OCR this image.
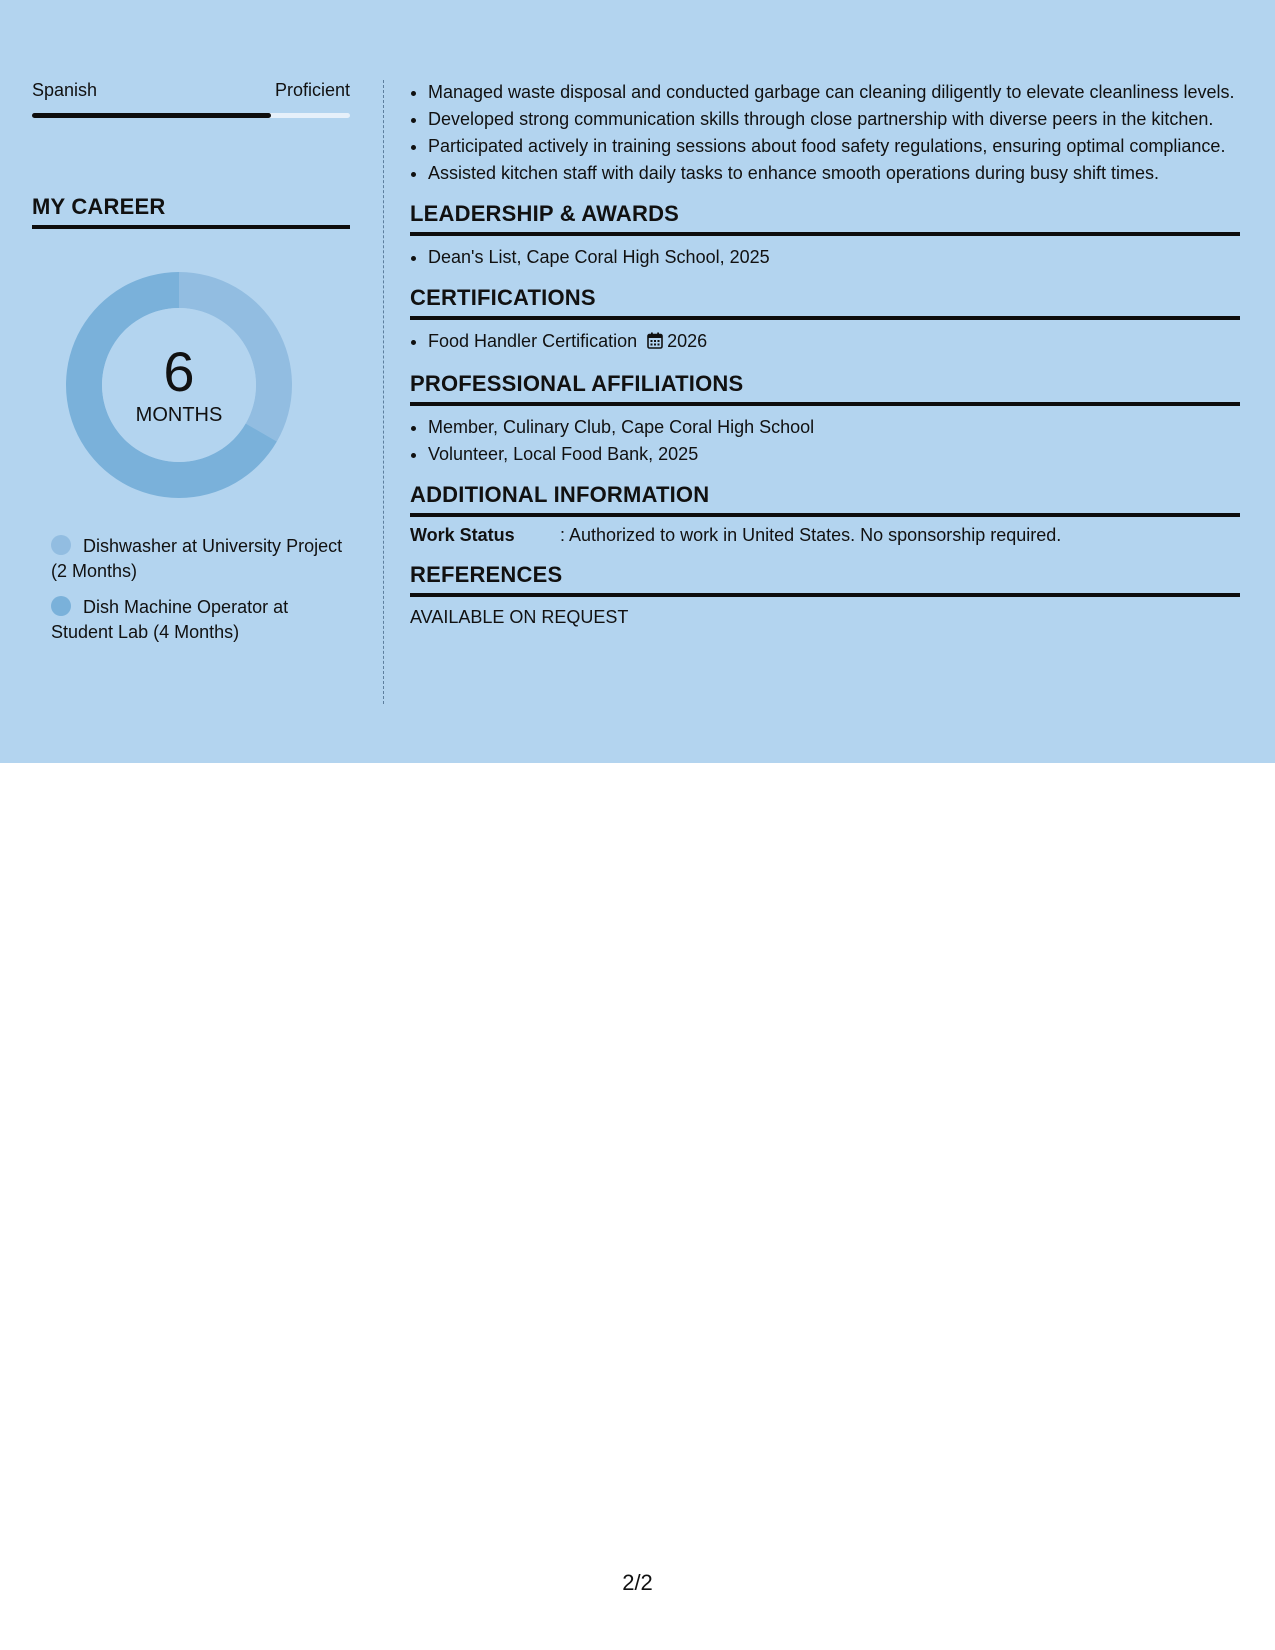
Spanish	Proficient
MY CAREER
6
MONTHS
Dishwasher at University Project (2 Months)
Dish Machine Operator at Student Lab (4 Months)
• Managed waste disposal and conducted garbage can cleaning diligently to elevate cleanliness levels.
• Developed strong communication skills through close partnership with diverse peers in the kitchen.
• Participated actively in training sessions about food safety regulations, ensuring optimal compliance.
• Assisted kitchen staff with daily tasks to enhance smooth operations during busy shift times.
LEADERSHIP & AWARDS
• Dean's List, Cape Coral High School, 2025
CERTIFICATIONS
• Food Handler Certification 2026
PROFESSIONAL AFFILIATIONS
• Member, Culinary Club, Cape Coral High School
• Volunteer, Local Food Bank, 2025
ADDITIONAL INFORMATION
Work Status	: Authorized to work in United States. No sponsorship required.
REFERENCES
AVAILABLE ON REQUEST
2/2
